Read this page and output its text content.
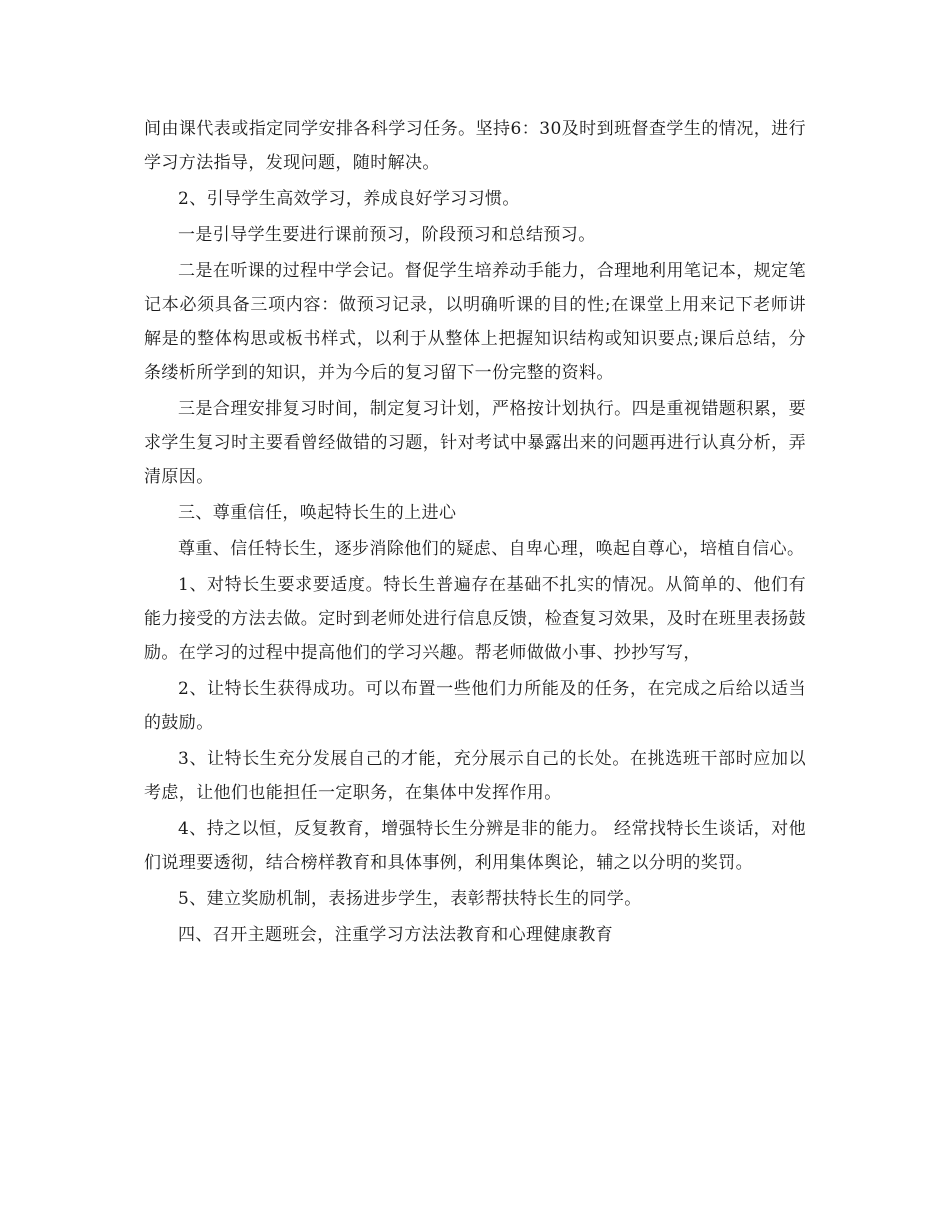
间由课代表或指定同学安排各科学习任务。坚持6：30及时到班督查学生的情况，进行学习方法指导，发现问题，随时解决。

2、引导学生高效学习，养成良好学习习惯。

一是引导学生要进行课前预习，阶段预习和总结预习。

二是在听课的过程中学会记。督促学生培养动手能力，合理地利用笔记本，规定笔记本必须具备三项内容：做预习记录，以明确听课的目的性;在课堂上用来记下老师讲解是的整体构思或板书样式，以利于从整体上把握知识结构或知识要点;课后总结，分条缕析所学到的知识，并为今后的复习留下一份完整的资料。

三是合理安排复习时间，制定复习计划，严格按计划执行。四是重视错题积累，要求学生复习时主要看曾经做错的习题，针对考试中暴露出来的问题再进行认真分析，弄清原因。

三、尊重信任，唤起特长生的上进心

尊重、信任特长生，逐步消除他们的疑虑、自卑心理，唤起自尊心，培植自信心。

1、对特长生要求要适度。特长生普遍存在基础不扎实的情况。从简单的、他们有能力接受的方法去做。定时到老师处进行信息反馈，检查复习效果，及时在班里表扬鼓励。在学习的过程中提高他们的学习兴趣。帮老师做做小事、抄抄写写，

2、让特长生获得成功。可以布置一些他们力所能及的任务，在完成之后给以适当的鼓励。

3、让特长生充分发展自己的才能，充分展示自己的长处。在挑选班干部时应加以考虑，让他们也能担任一定职务，在集体中发挥作用。

4、持之以恒，反复教育，增强特长生分辨是非的能力。 经常找特长生谈话，对他们说理要透彻，结合榜样教育和具体事例，利用集体舆论，辅之以分明的奖罚。

5、建立奖励机制，表扬进步学生，表彰帮扶特长生的同学。

四、召开主题班会，注重学习方法法教育和心理健康教育
